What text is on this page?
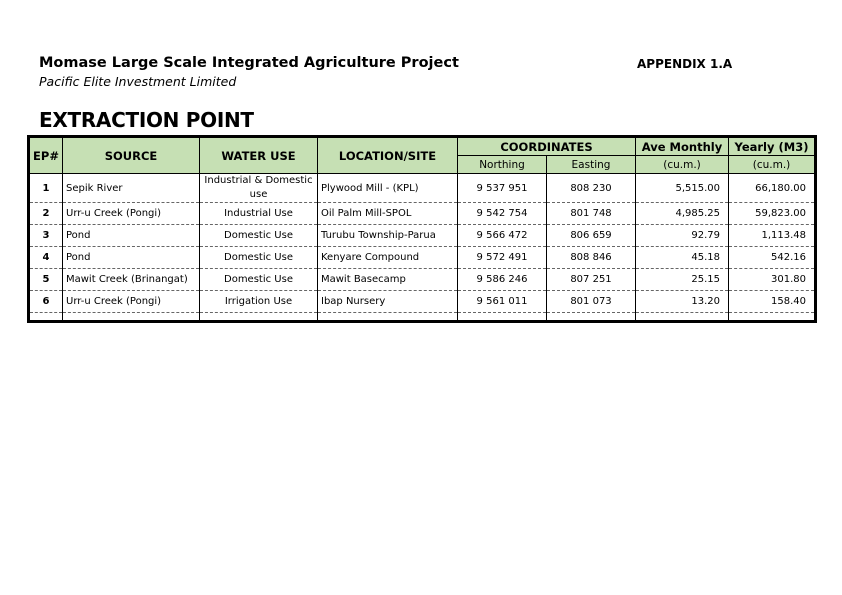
Momase Large Scale Integrated Agriculture Project
Pacific Elite Investment Limited
APPENDIX 1.A
EXTRACTION POINT
EP#	SOURCE	WATER USE	LOCATION/SITE	COORDINATES		Ave Monthly	Yearly (M3)
				Northing	Easting	(cu.m.)	(cu.m.)
1	Sepik River	Industrial & Domestic use	Plywood Mill - (KPL)	9 537 951	808 230	5,515.00	66,180.00
2	Urr-u Creek (Pongi)	Industrial Use	Oil Palm Mill-SPOL	9 542 754	801 748	4,985.25	59,823.00
3	Pond	Domestic Use	Turubu Township-Parua	9 566 472	806 659	92.79	1,113.48
4	Pond	Domestic Use	Kenyare Compound	9 572 491	808 846	45.18	542.16
5	Mawit Creek (Brinangat)	Domestic Use	Mawit Basecamp	9 586 246	807 251	25.15	301.80
6	Urr-u Creek (Pongi)	Irrigation Use	Ibap Nursery	9 561 011	801 073	13.20	158.40
